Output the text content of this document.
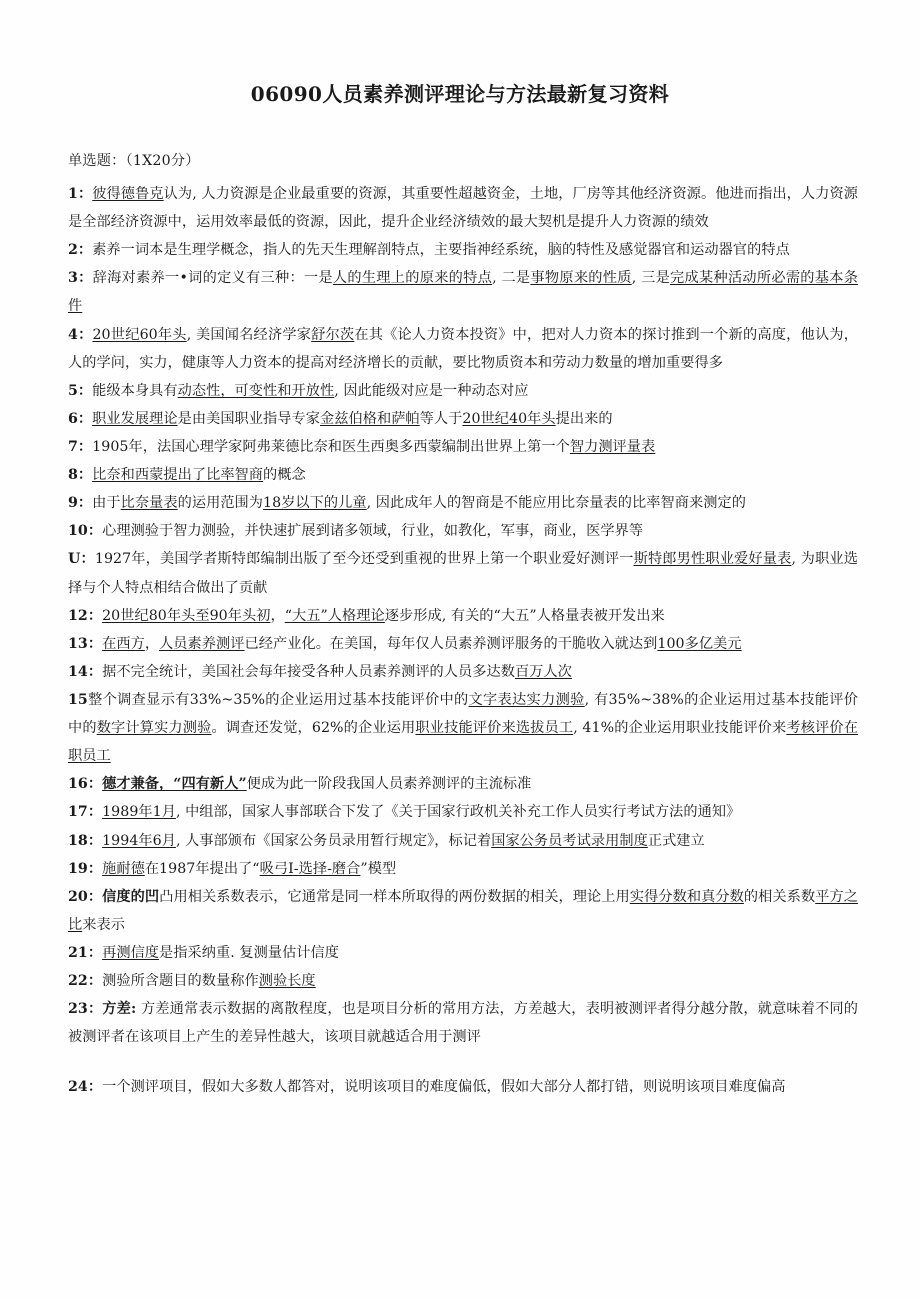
06090人员素养测评理论与方法最新复习资料

单选题：（1X20分）

1：彼得德鲁克认为, 人力资源是企业最重要的资源，其重要性超越资金，土地，厂房等其他经济资源。他进而指出，人力资源是全部经济资源中，运用效率最低的资源，因此，提升企业经济绩效的最大契机是提升人力资源的绩效

2：素养一词本是生理学概念，指人的先天生理解剖特点，主要指神经系统，脑的特性及感觉器官和运动器官的特点

3：辞海对素养一•词的定义有三种：一是人的生理上的原来的特点, 二是事物原来的性质, 三是完成某种活动所必需的基本条件

4：20世纪60年头, 美国闻名经济学家舒尔茨在其《论人力资本投资》中，把对人力资本的探讨推到一个新的高度，他认为，人的学问，实力，健康等人力资本的提高对经济增长的贡献，要比物质资本和劳动力数量的增加重要得多

5：能级本身具有动态性，可变性和开放性, 因此能级对应是一种动态对应

6：职业发展理论是由美国职业指导专家金兹伯格和萨帕等人于20世纪40年头提出来的

7：1905年，法国心理学家阿弗莱德比奈和医生西奥多西蒙编制出世界上第一个智力测评量表

8：比奈和西蒙提出了比率智商的概念

9：由于比奈量表的运用范围为18岁以下的儿童, 因此成年人的智商是不能应用比奈量表的比率智商来测定的

10：心理测验于智力测验，并快速扩展到诸多领域，行业，如教化，军事，商业，医学界等

U：1927年，美国学者斯特郎编制出版了至今还受到重视的世界上第一个职业爱好测评一斯特郎男性职业爱好量表, 为职业选择与个人特点相结合做出了贡献

12：20世纪80年头至90年头初，“大五”人格理论逐步形成, 有关的“大五”人格量表被开发出来

13：在西方，人员素养测评已经产业化。在美国，每年仅人员素养测评服务的干脆收入就达到100多亿美元

14：据不完全统计，美国社会每年接受各种人员素养测评的人员多达数百万人次

15整个调查显示有33%~35%的企业运用过基本技能评价中的文字表达实力测验, 有35%~38%的企业运用过基本技能评价中的数字计算实力测验。调查还发觉，62%的企业运用职业技能评价来选拔员工, 41%的企业运用职业技能评价来考核评价在职员工

16：德才兼备，“四有新人”便成为此一阶段我国人员素养测评的主流标准

17：1989年1月, 中组部，国家人事部联合下发了《关于国家行政机关补充工作人员实行考试方法的通知》

18：1994年6月, 人事部颁布《国家公务员录用暂行规定》，标记着国家公务员考试录用制度正式建立

19：施耐德在1987年提出了“吸弓I-选择-磨合”模型

20：信度的凹凸用相关系数表示，它通常是同一样本所取得的两份数据的相关，理论上用实得分数和真分数的相关系数平方之比来表示

21：再测信度是指采纳重. 复测量估计信度

22：测验所含题目的数量称作测验长度

23：方差: 方差通常表示数据的离散程度，也是项目分析的常用方法，方差越大，表明被测评者得分越分散，就意味着不同的被测评者在该项目上产生的差异性越大，该项目就越适合用于测评

24：一个测评项目，假如大多数人都答对，说明该项目的难度偏低，假如大部分人都打错，则说明该项目难度偏高
